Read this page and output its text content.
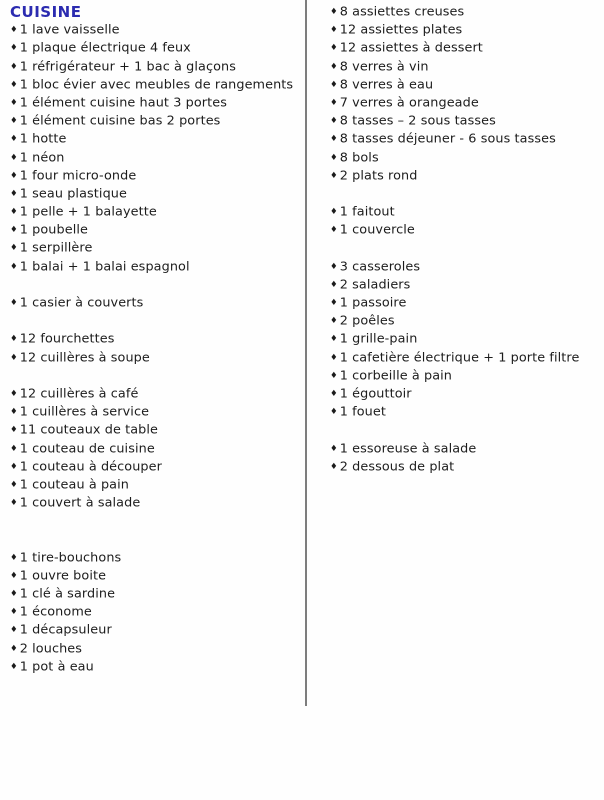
CUISINE
♦ 1 lave vaisselle
♦ 1 plaque électrique 4 feux
♦ 1 réfrigérateur + 1 bac à glaçons
♦ 1 bloc évier avec meubles de rangements
♦ 1 élément cuisine haut 3 portes
♦ 1 élément cuisine bas 2 portes
♦ 1 hotte
♦ 1 néon
♦ 1 four micro-onde
♦ 1 seau plastique
♦ 1 pelle + 1 balayette
♦ 1 poubelle
♦ 1 serpillère
♦ 1 balai + 1 balai espagnol

♦ 1 casier à couverts

♦ 12 fourchettes
♦ 12 cuillères à soupe

♦ 12 cuillères à café
♦ 1 cuillères à service
♦ 11 couteaux de table
♦ 1 couteau de cuisine
♦ 1 couteau à découper
♦ 1 couteau à pain
♦ 1 couvert à salade

♦ 1 tire-bouchons
♦ 1 ouvre boite
♦ 1 clé à sardine
♦ 1 économe
♦ 1 décapsuleur
♦ 2 louches
♦ 1 pot à eau
♦ 8 assiettes creuses
♦ 12 assiettes plates
♦ 12 assiettes à dessert
♦ 8 verres à vin
♦ 8 verres à eau
♦ 7 verres à orangeade
♦ 8 tasses – 2 sous tasses
♦ 8 tasses déjeuner - 6 sous tasses
♦ 8 bols
♦ 2 plats rond

♦ 1 faitout
♦ 1 couvercle

♦ 3 casseroles
♦ 2 saladiers
♦ 1 passoire
♦ 2 poêles
♦ 1 grille-pain
♦ 1 cafetière électrique + 1 porte filtre
♦ 1 corbeille à pain
♦ 1 égouttoir
♦ 1 fouet

♦ 1 essoreuse à salade
♦ 2 dessous de plat
